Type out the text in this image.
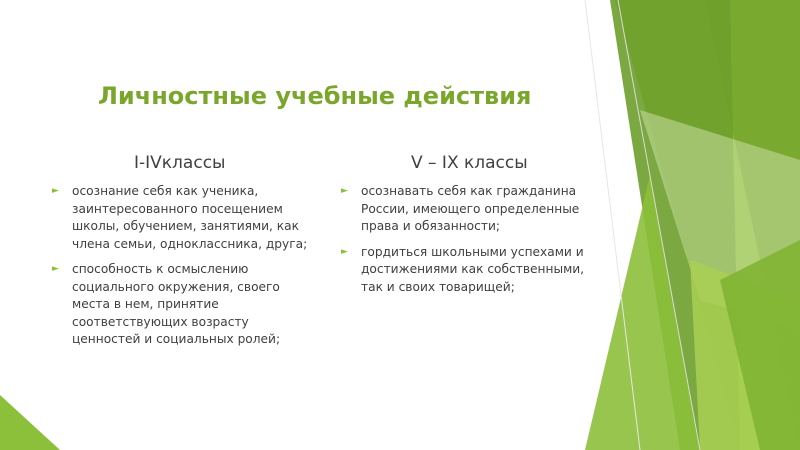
Личностные учебные действия
I-IVклассы
► осознание себя как ученика, заинтересованного посещением школы, обучением, занятиями, как члена семьи, одноклассника, друга;
► способность к осмыслению социального окружения, своего места в нем, принятие соответствующих возрасту ценностей и социальных ролей;
V – IX классы
► осознавать себя как гражданина России, имеющего определенные права и обязанности;
► гордиться школьными успехами и достижениями как собственными, так и своих товарищей;
